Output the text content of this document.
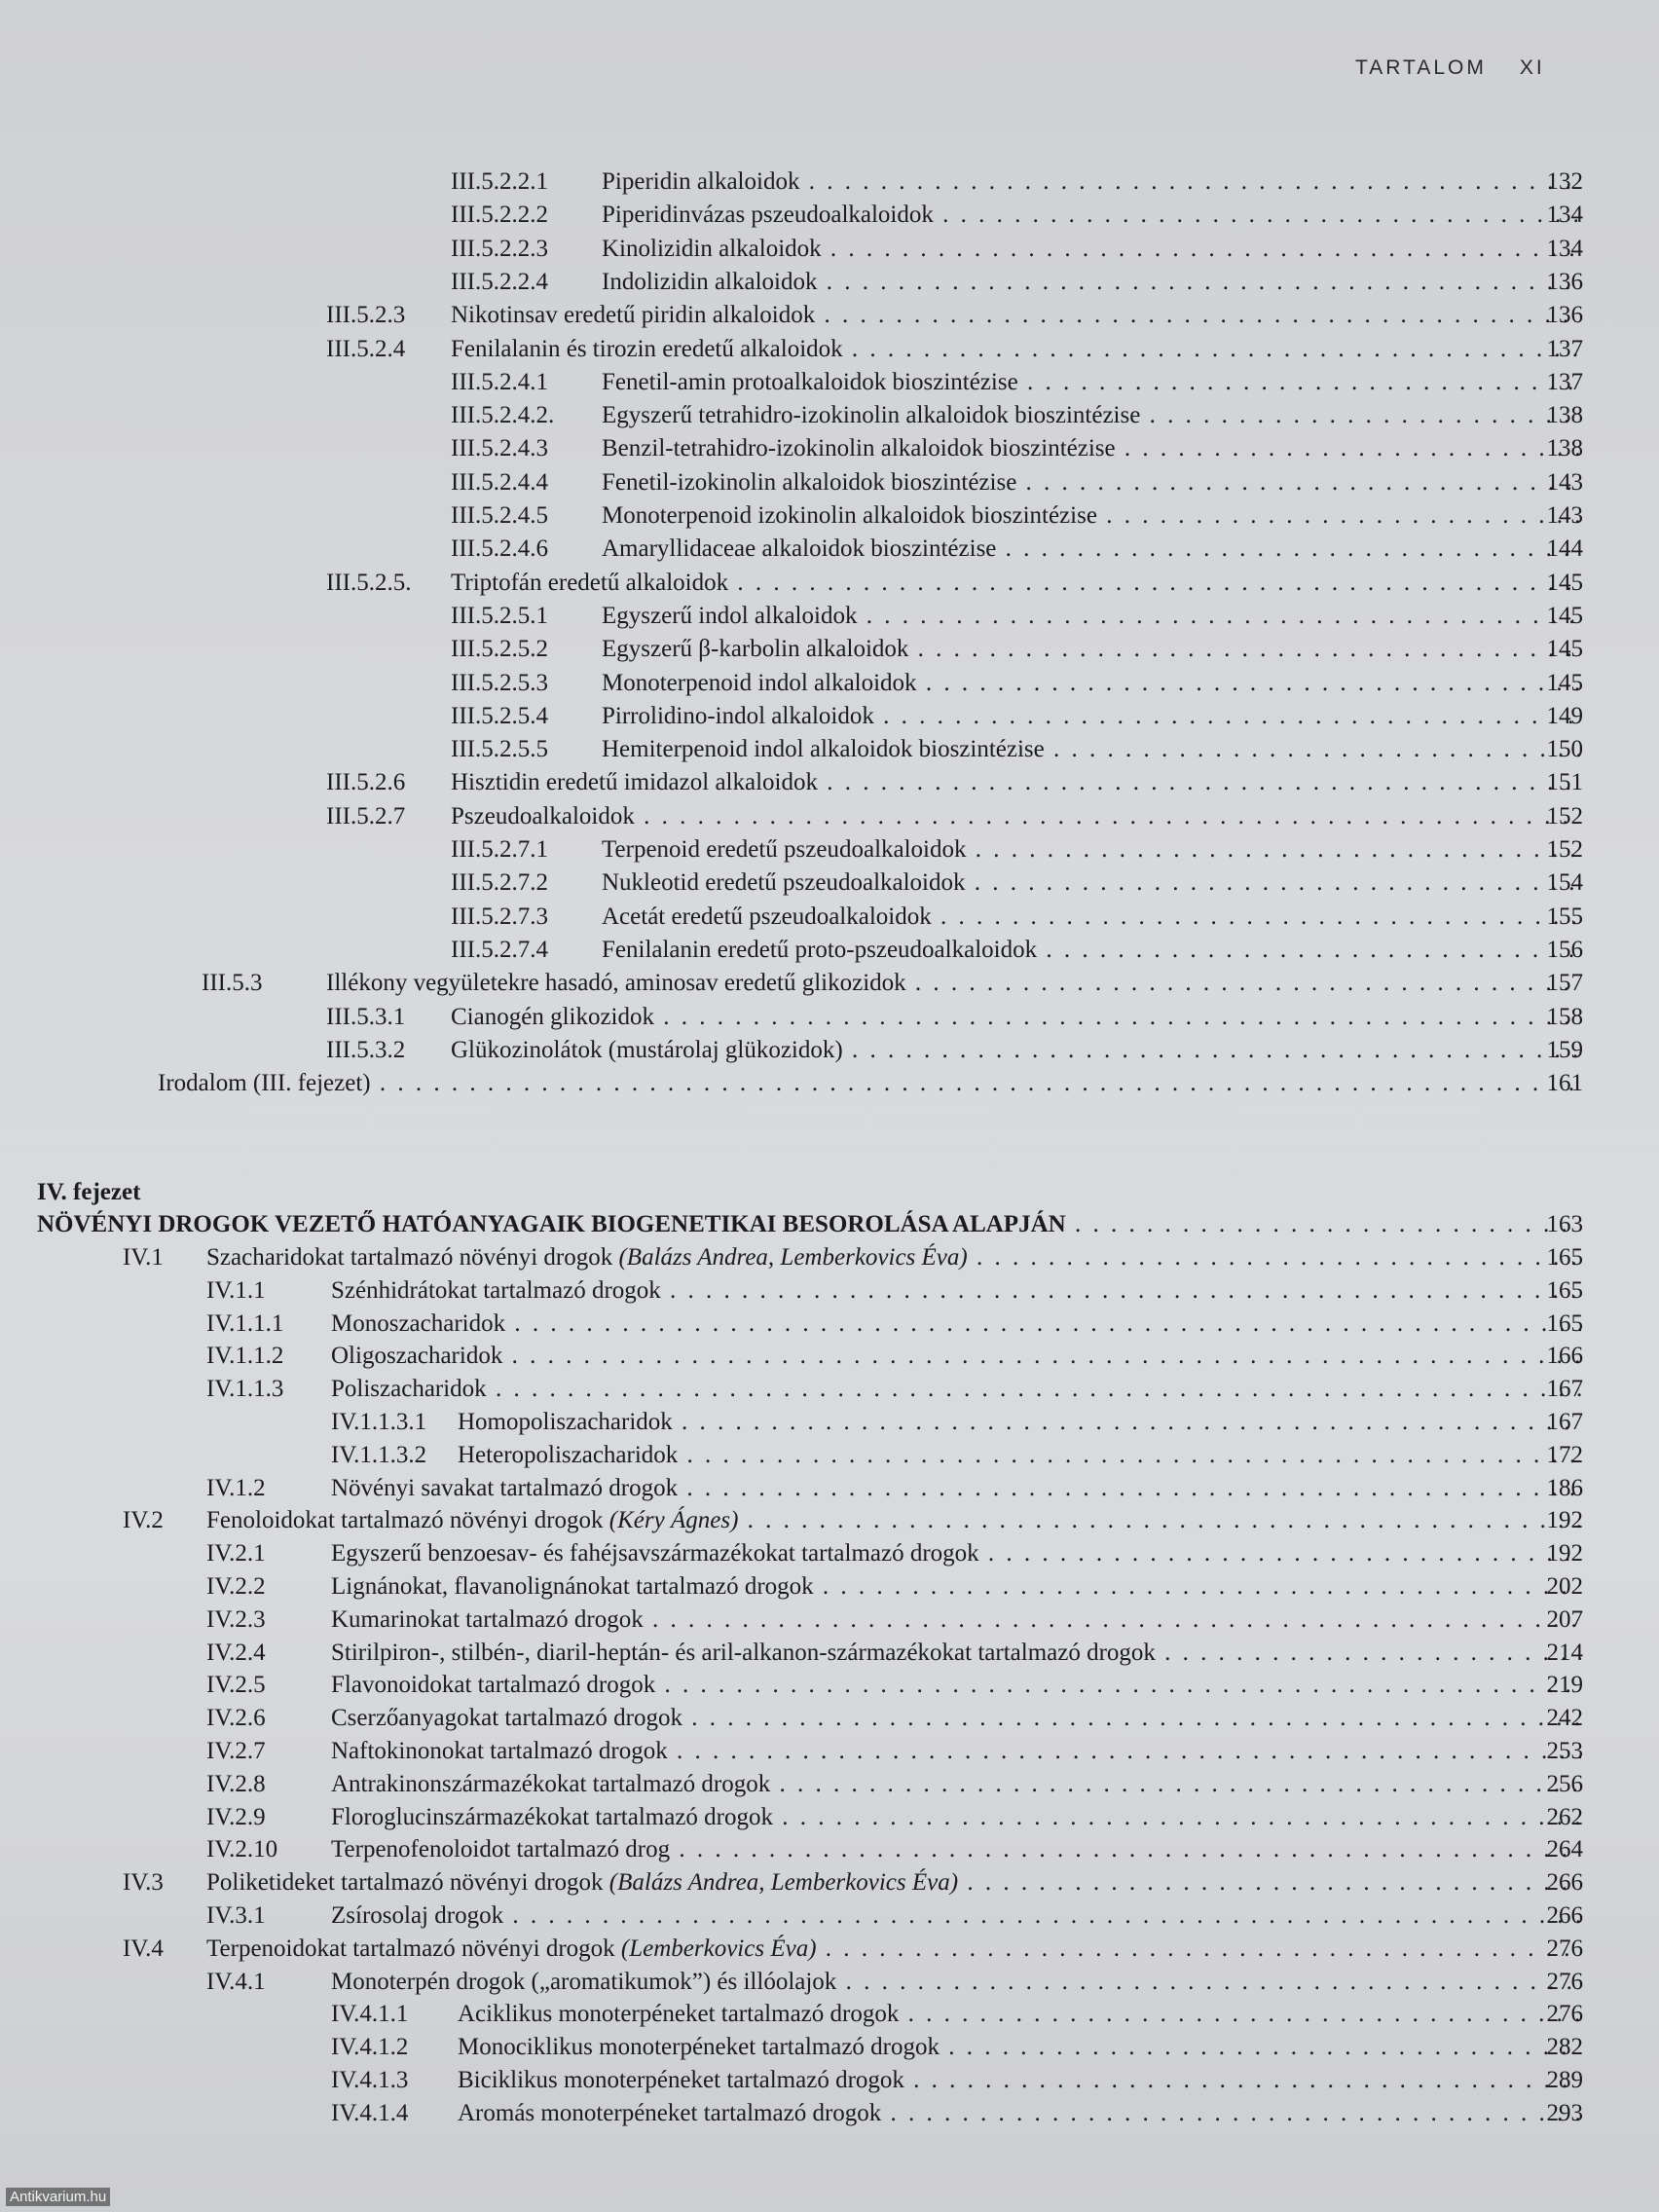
TARTALOM XI
IV. fejezet
III.5.2.2.1 Piperidin alkaloidok . . .	132
III.5.2.2.2 Piperidinvázas pszeudoalkaloidok . . .	134
III.5.2.2.3 Kinolizidin alkaloidok . . .	134
III.5.2.2.4 Indolizidin alkaloidok . . .	136
III.5.2.3 Nikotinsav eredetű piridin alkaloidok . . .	136
III.5.2.4 Fenilalanin és tirozin eredetű alkaloidok . . .	137
III.5.2.4.1 Fenetil-amin protoalkaloidok bioszintézise . . .	137
III.5.2.4.2. Egyszerű tetrahidro-izokinolin alkaloidok bioszintézise . . .	138
III.5.2.4.3 Benzil-tetrahidro-izokinolin alkaloidok bioszintézise . . .	138
III.5.2.4.4 Fenetil-izokinolin alkaloidok bioszintézise . . .	143
III.5.2.4.5 Monoterpenoid izokinolin alkaloidok bioszintézise . . .	143
III.5.2.4.6 Amaryllidaceae alkaloidok bioszintézise . . .	144
III.5.2.5. Triptofán eredetű alkaloidok . . .	145
III.5.2.5.1 Egyszerű indol alkaloidok . . .	145
III.5.2.5.2 Egyszerű β-karbolin alkaloidok . . .	145
III.5.2.5.3 Monoterpenoid indol alkaloidok . . .	145
III.5.2.5.4 Pirrolidino-indol alkaloidok . . .	149
III.5.2.5.5 Hemiterpenoid indol alkaloidok bioszintézise . . .	150
III.5.2.6 Hisztidin eredetű imidazol alkaloidok . . .	151
III.5.2.7 Pszeudoalkaloidok . . .	152
III.5.2.7.1 Terpenoid eredetű pszeudoalkaloidok . . .	152
III.5.2.7.2 Nukleotid eredetű pszeudoalkaloidok . . .	154
III.5.2.7.3 Acetát eredetű pszeudoalkaloidok . . .	155
III.5.2.7.4 Fenilalanin eredetű proto-pszeudoalkaloidok . . .	156
III.5.3	Illékony vegyületekre hasadó, aminosav eredetű glikozidok . . .	157
III.5.3.1 Cianogén glikozidok . . .	158
III.5.3.2 Glükozinolátok (mustárolaj glükozidok) . . .	159
Irodalom (III. fejezet) . . .	161
NÖVÉNYI DROGOK VEZETŐ HATÓANYAGAIK BIOGENETIKAI BESOROLÁSA ALAPJÁN . . .	163
IV.1 Szacharidokat tartalmazó növényi drogok (Balázs Andrea, Lemberkovics Éva) . . .	165
IV.1.1	Szénhidrátokat tartalmazó drogok . . .	165
IV.1.1.1 Monoszacharidok . . .	165
IV.1.1.2 Oligoszacharidok . . .	166
IV.1.1.3 Poliszacharidok . . .	167
IV.1.1.3.1 Homopoliszacharidok . . .	167
IV.1.1.3.2 Heteropoliszacharidok . . .	172
IV.1.2	Növényi savakat tartalmazó drogok . . .	186
IV.2 Fenoloidokat tartalmazó növényi drogok (Kéry Ágnes) . . .	192
IV.2.1	Egyszerű benzoesav- és fahéjsavszármazékokat tartalmazó drogok . . .	192
IV.2.2	Lignánokat, flavanolignánokat tartalmazó drogok . . .	202
IV.2.3	Kumarinokat tartalmazó drogok . . .	207
IV.2.4	Stirilpiron-, stilbén-, diaril-heptán- és aril-alkanon-származékokat tartalmazó drogok . . .	214
IV.2.5	Flavonoidokat tartalmazó drogok . . .	219
IV.2.6	Cserzőanyagokat tartalmazó drogok . . .	242
IV.2.7	Naftokinonokat tartalmazó drogok . . .	253
IV.2.8	Antrakinonszármazékokat tartalmazó drogok . . .	256
IV.2.9	Floroglucinszármazékokat tartalmazó drogok . . .	262
IV.2.10 Terpenofenoloidot tartalmazó drog . . .	264
IV.3 Poliketideket tartalmazó növényi drogok (Balázs Andrea, Lemberkovics Éva) . . .	266
IV.3.1	Zsírosolaj drogok . . .	266
IV.4 Terpenoidokat tartalmazó növényi drogok (Lemberkovics Éva) . . .	276
IV.4.1	Monoterpén drogok („aromatikumok”) és illóolajok . . .	276
IV.4.1.1 Aciklikus monoterpéneket tartalmazó drogok . . .	276
IV.4.1.2 Monociklikus monoterpéneket tartalmazó drogok . . .	282
IV.4.1.3 Biciklikus monoterpéneket tartalmazó drogok . . .	289
IV.4.1.4 Aromás monoterpéneket tartalmazó drogok . . .	293
Antikvarium.hu
